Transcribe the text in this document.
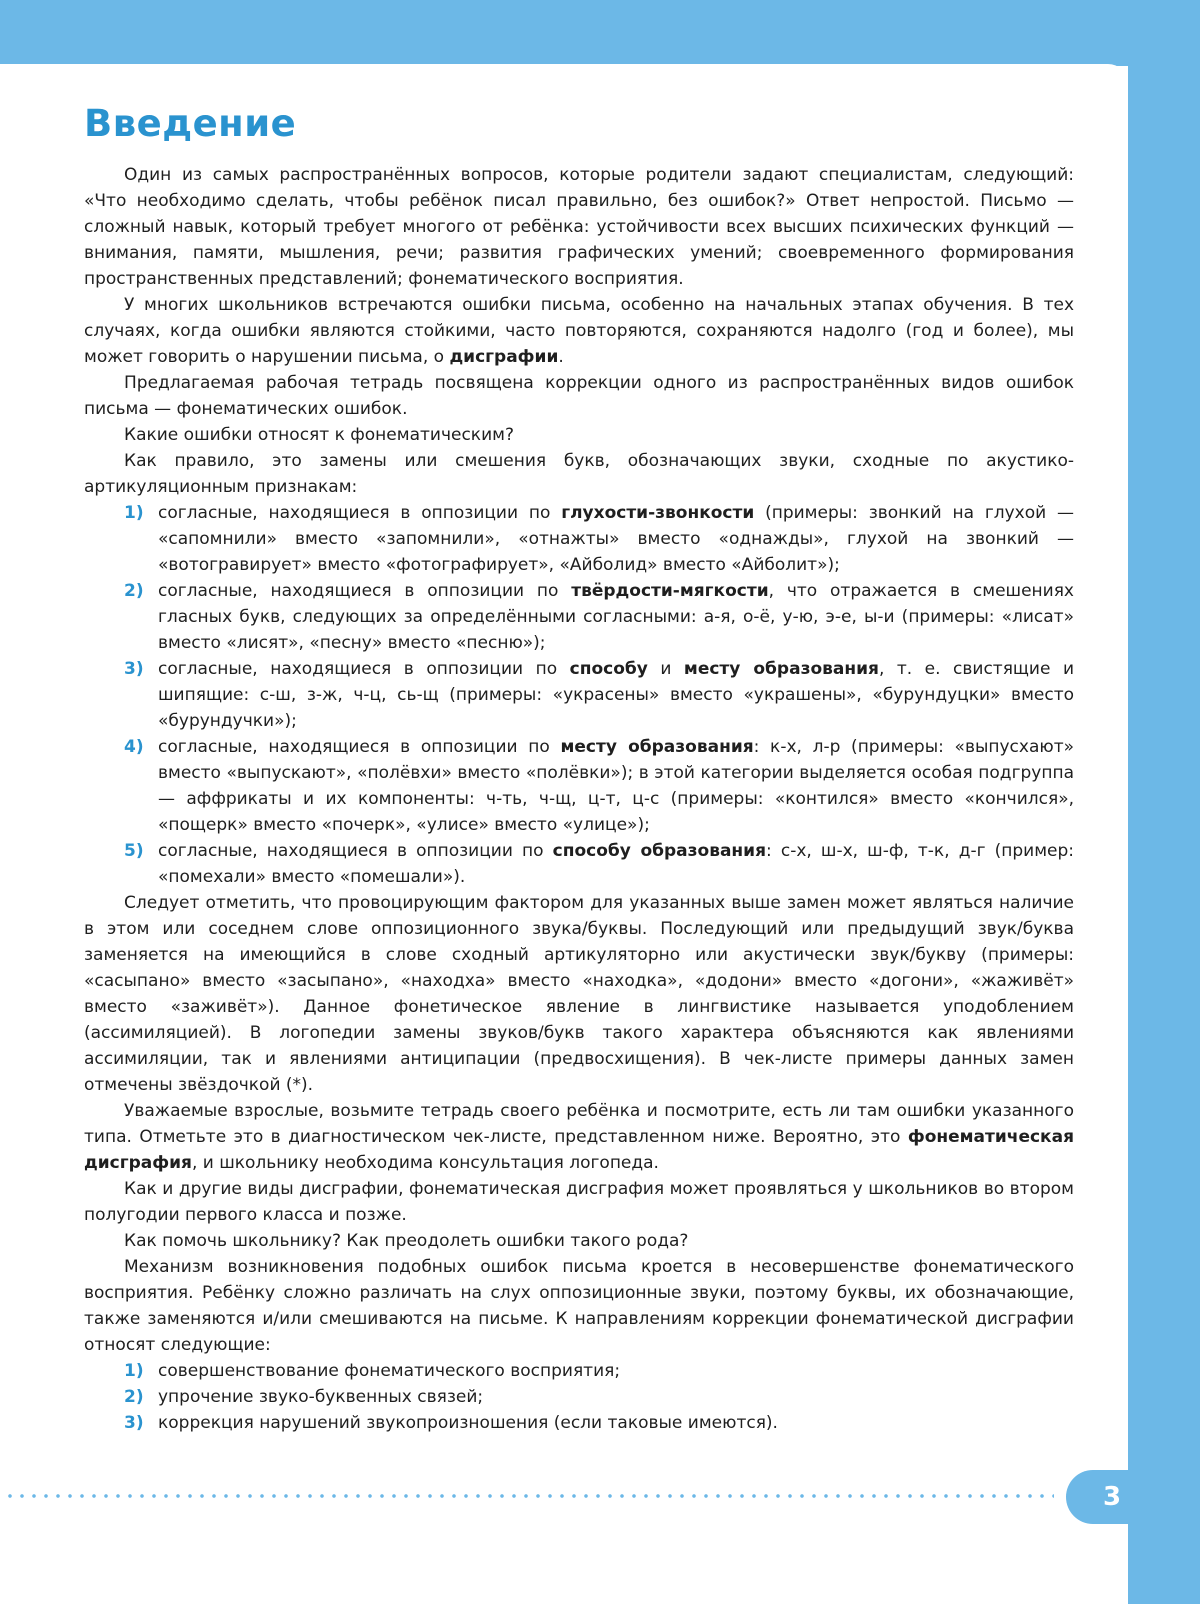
Введение

Один из самых распространённых вопросов, которые родители задают специалистам, следующий: «Что необходимо сделать, чтобы ребёнок писал правильно, без ошибок?» Ответ непростой. Письмо — сложный навык, который требует многого от ребёнка: устойчивости всех высших психических функций — внимания, памяти, мышления, речи; развития графических умений; своевременного формирования пространственных представлений; фонематического восприятия.

У многих школьников встречаются ошибки письма, особенно на начальных этапах обучения. В тех случаях, когда ошибки являются стойкими, часто повторяются, сохраняются надолго (год и более), мы может говорить о нарушении письма, о дисграфии.

Предлагаемая рабочая тетрадь посвящена коррекции одного из распространённых видов ошибок письма — фонематических ошибок.

Какие ошибки относят к фонематическим?

Как правило, это замены или смешения букв, обозначающих звуки, сходные по акустико-артикуляционным признакам:

1) согласные, находящиеся в оппозиции по глухости-звонкости (примеры: звонкий на глухой — «сапомнили» вместо «запомнили», «отнажты» вместо «однажды», глухой на звонкий — «вотогравирует» вместо «фотографирует», «Айболид» вместо «Айболит»);
2) согласные, находящиеся в оппозиции по твёрдости-мягкости, что отражается в смешениях гласных букв, следующих за определёнными согласными: а-я, о-ё, у-ю, э-е, ы-и (примеры: «лисат» вместо «лисят», «песну» вместо «песню»);
3) согласные, находящиеся в оппозиции по способу и месту образования, т. е. свистящие и шипящие: с-ш, з-ж, ч-ц, сь-щ (примеры: «украсены» вместо «украшены», «бурундуцки» вместо «бурундучки»);
4) согласные, находящиеся в оппозиции по месту образования: к-х, л-р (примеры: «выпусхают» вместо «выпускают», «полёвхи» вместо «полёвки»); в этой категории выделяется особая подгруппа — аффрикаты и их компоненты: ч-ть, ч-щ, ц-т, ц-с (примеры: «контился» вместо «кончился», «пощерк» вместо «почерк», «улисе» вместо «улице»);
5) согласные, находящиеся в оппозиции по способу образования: с-х, ш-х, ш-ф, т-к, д-г (пример: «помехали» вместо «помешали»).

Следует отметить, что провоцирующим фактором для указанных выше замен может являться наличие в этом или соседнем слове оппозиционного звука/буквы. Последующий или предыдущий звук/буква заменяется на имеющийся в слове сходный артикуляторно или акустически звук/букву (примеры: «сасыпано» вместо «засыпано», «находха» вместо «находка», «додони» вместо «догони», «жаживёт» вместо «заживёт»). Данное фонетическое явление в лингвистике называется уподоблением (ассимиляцией). В логопедии замены звуков/букв такого характера объясняются как явлениями ассимиляции, так и явлениями антиципации (предвосхищения). В чек-листе примеры данных замен отмечены звёздочкой (*).

Уважаемые взрослые, возьмите тетрадь своего ребёнка и посмотрите, есть ли там ошибки указанного типа. Отметьте это в диагностическом чек-листе, представленном ниже. Вероятно, это фонематическая дисграфия, и школьнику необходима консультация логопеда.

Как и другие виды дисграфии, фонематическая дисграфия может проявляться у школьников во втором полугодии первого класса и позже.

Как помочь школьнику? Как преодолеть ошибки такого рода?

Механизм возникновения подобных ошибок письма кроется в несовершенстве фонематического восприятия. Ребёнку сложно различать на слух оппозиционные звуки, поэтому буквы, их обозначающие, также заменяются и/или смешиваются на письме. К направлениям коррекции фонематической дисграфии относят следующие:

1) совершенствование фонематического восприятия;
2) упрочение звуко-буквенных связей;
3) коррекция нарушений звукопроизношения (если таковые имеются).
3
